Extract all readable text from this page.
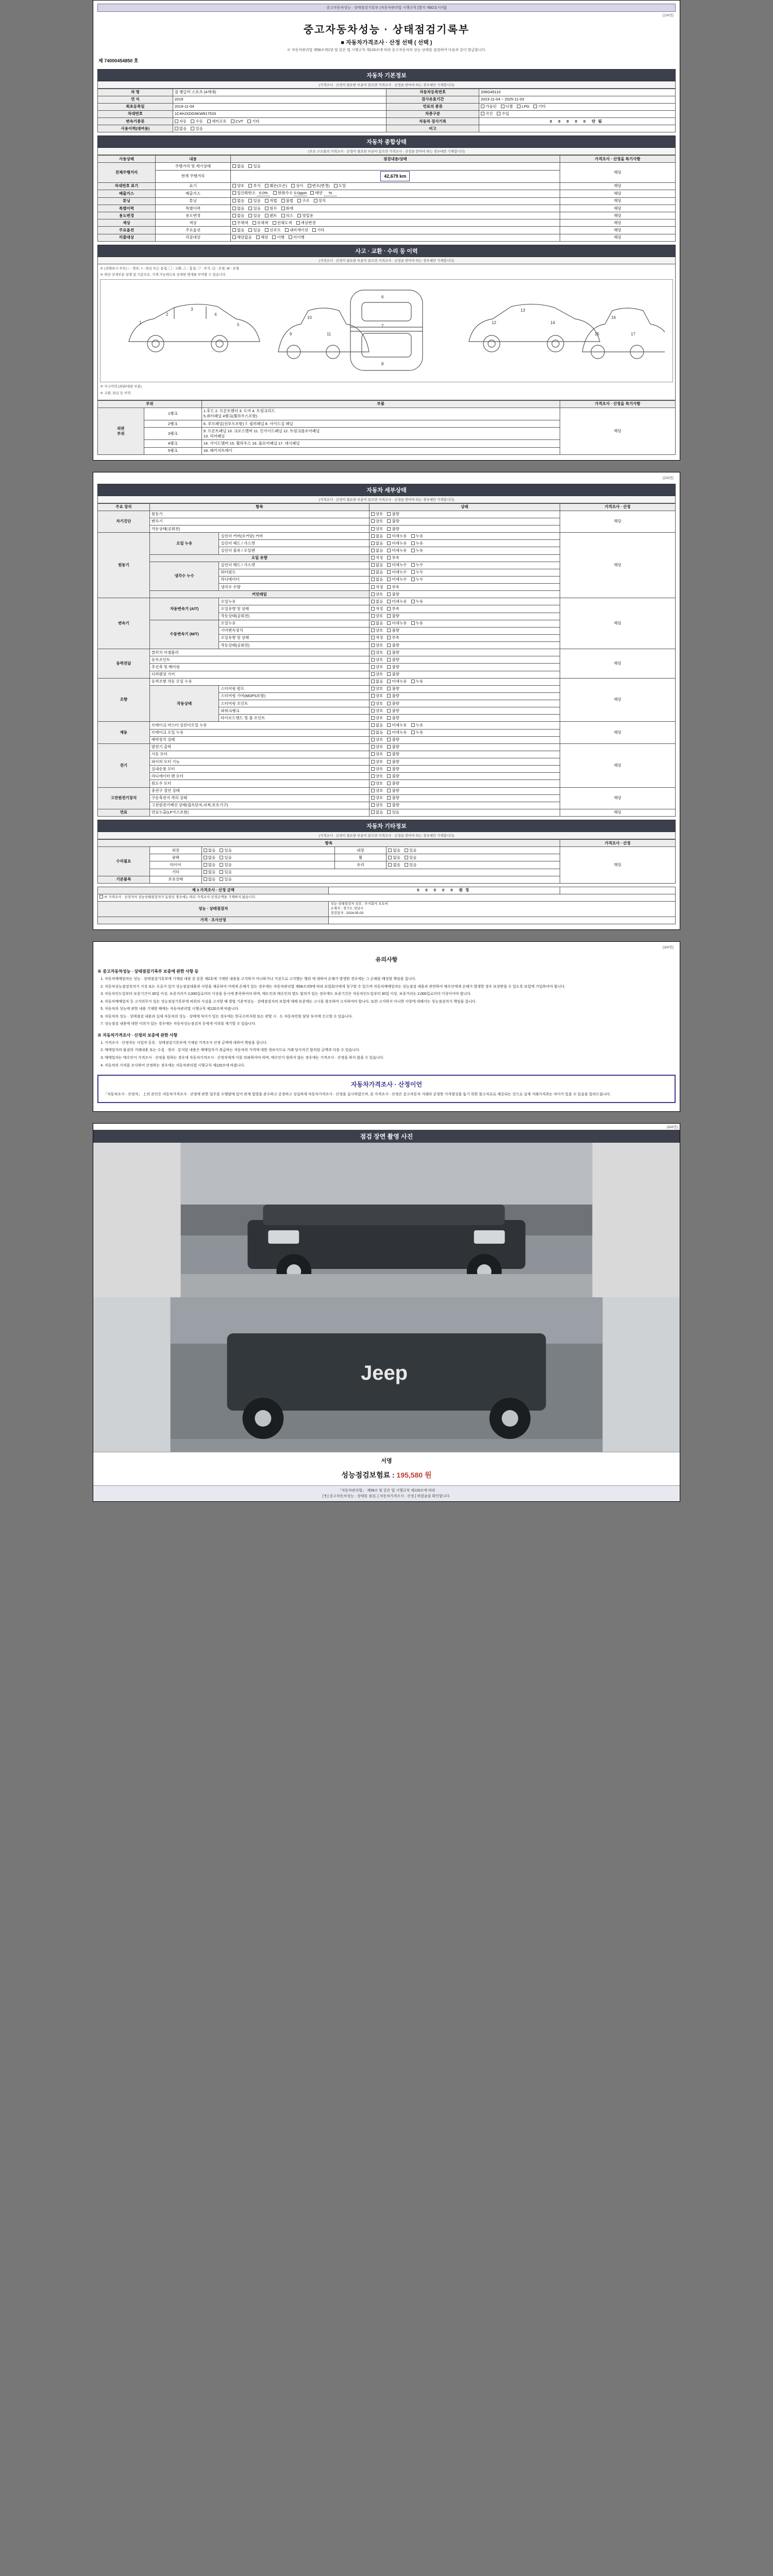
중고자동차성능 · 상태점검기록부 (자동차관리법 시행규칙 [별지 제82호서식])
(1/4면)
중고자동차성능 · 상태점검기록부
■ 자동차가격조사 · 산정 선택 ( 선택 )
※ 자동차관리법 제58조제1항 및 같은 법 시행규칙 제120조에 따라 중고자동차의 성능·상태를 점검하여 다음과 같이 발급합니다.
제 74000454850 호
자동차 기본정보
(가격조사 · 산정이 필요한 부분이 있으면 가격조사 · 산정을 받아야 하는 경우에만 기재합니다)
차 명	짚 랭글러 스포츠 (4세대)	자동차등록번호	206G45110
연 식	2019	검사유효기간	2023-11-04 ~ 2025-11-03
최초등록일	2019-11-04	연료의 종류	가솔린 디젤 LPG 기타
차대번호	1C4HJXDG9KW817533	차종구분	국산 수입
변속기종류	자동 수동 세미오토 CVT 기타	자동차 검사기록	0 0 0 0 0 안됨
사용이력(대여용)	없음 있음	비고	
자동차 종합상태
(주요 구조물의 가격조사 · 산정이 필요한 부분이 있으면 가격조사 · 산정을 받아야 하는 경우에만 기재합니다)
사용상태	내용	점검내용/상태	가격조사 · 산정을 특기사항
전체주행거리	주행거리 및 계기상태	없음 있음	해당
	현재 주행거리	42,679 km	
차대번호 표기	표기	양호 부식 훼손(오손) 상이 변조(변경) 도말	해당
배출가스	배출가스	일산화탄소 0.0% 탄화수소 0.0ppm 매연 %	해당
튜닝	튜닝	없음 있음 적법 불법 구조 장치	해당
특별이력	특별이력	없음 있음 침수 화재	해당
용도변경	용도변경	없음 있음 렌트 리스 영업용	해당
색상	색상	무채색 유채색 전체도색 색상변경	해당
주요옵션	주요옵션	없음 있음 선루프 내비게이션 기타	해당
리콜대상	리콜대상	해당없음 해당 이행 미이행	해당
사고 · 교환 · 수리 등 이력
(가격조사 · 산정이 필요한 부분이 있으면 가격조사 · 산정을 받아야 하는 경우에만 기재합니다)
※ (상태표시 부호) ○ : 양호, × : 판금 또는 용접, ▢ : 교환, △ : 흠집, ▽ : 부식, ◎ : 요철, W : 요철
※ 하단 상세부분 설명 및 기준으로, 기재 가능하도록 상세한 명세를 부여할 수 있습니다.
1
2
3
4
5
6
7
8
9
10
11
12
13
14
15
16
17
※ 사고이력 (외판/내판 부분)
※ 교환, 판금 등 이력
부위		부품	가격조사 · 산정을 특기사항
외판
부위	1랭크	1.후드 2. 프론트펜더 3. 도어 4. 트렁크리드
5.쿼터패널 4랭크(휠하우스포함)	해당
	2랭크	6. 루프패널(선루프포함) 7. 필러패널 8. 사이드실 패널	
	3랭크	9. 프론트패널 10. 크로스멤버 11. 인사이드패널 12. 트렁크플로어패널
13. 리어패널	
	4랭크	14. 사이드멤버 15. 휠하우스 16. 플로어패널 17. 대시패널	
	5랭크	18. 패키지트레이	
(2/4면)
자동차 세부상태
(가격조사 · 산정이 필요한 부분이 있으면 가격조사 · 산정을 받아야 하는 경우에만 기재합니다)
주요 장치	항목		상태	가격조사 · 산정
자기진단	원동기		양호 불량	해당
	변속기		양호 불량	
	작동상태(공회전)		양호 불량	
원동기	오일 누유	실린더 커버(로커암) 커버	없음 미세누유 누유	해당
		실린더 헤드 / 가스켓	없음 미세누유 누유	
		실린더 블록 / 오일팬	없음 미세누유 누유	
	오일 유량		적정 부족	
	냉각수 누수	실린더 헤드 / 가스켓	없음 미세누수 누수	
		워터펌프	없음 미세누수 누수	
		라디에이터	없음 미세누수 누수	
		냉각수 수량	적정 부족	
	커먼레일		양호 불량	
변속기	자동변속기 (A/T)	오일누유	없음 미세누유 누유	해당
		오일유량 및 상태	적정 부족	
		작동상태(공회전)	양호 불량	
	수동변속기 (M/T)	오일누유	없음 미세누유 누유	
		기어변속장치	양호 불량	
		오일유량 및 상태	적정 부족	
		작동상태(공회전)	양호 불량	
동력전달	클러치 어셈블리		양호 불량	해당
	등속조인트		양호 불량	
	추진축 및 베어링		양호 불량	
	디퍼렌셜 기어		양호 불량	
조향	동력조향 작동 오일 누유		없음 미세누유 누유	해당
	작동상태	스티어링 펌프	양호 불량	
		스티어링 기어(MDPS포함)	양호 불량	
		스티어링 조인트	양호 불량	
		파워크랭크	양호 불량	
		타이로드엔드 및 볼 조인트	양호 불량	
제동	브레이크 마스터 실린더오일 누유		없음 미세누유 누유	해당
	브레이크 오일 누유		없음 미세누유 누유	
	배력장치 상태		양호 불량	
전기	발전기 출력		양호 불량	해당
	시동 모터		양호 불량	
	와이퍼 모터 기능		양호 불량	
	실내송풍 모터		양호 불량	
	라디에이터 팬 모터		양호 불량	
	윈도우 모터		양호 불량	
고전원전기장치	충전구 절연 상태		양호 불량	해당
	구동축전지 격리 상태		양호 불량	
	고전원전기배선 상태(접속단자,피복,보호기구)		양호 불량	
연료	연료누출(LP가스포함)		없음 있음	해당
자동차 기타정보
(가격조사 · 산정이 필요한 부분이 있으면 가격조사 · 산정을 받아야 하는 경우에만 기재합니다)
항목					가격조사 · 산정
수리필요	외장	없음 있음	내장	없음 있음	해당
	광택	없음 있음	휠	없음 있음	
	타이어	없음 있음	유리	없음 있음	
	기타	없음 있음			
기본품목	보유상태	없음 있음			
제 3 가격조사 · 산정 금액	0 0 0 0 0 원정	
※ 가격조사 · 산정자의 성능상태점검자가 동일인 경우에는 따로 가격조사·산정금액을 기재하지 않습니다.		
성능 · 상태점검자	성능·상태점검자 상호 : 주식회사 오토비
소재지 : 경기도 성남시
점검일자 : 2024-05-03	

가격 · 조사산정		
(3/4면)
유의사항
※ 중고자동차성능 · 상태점검기록부 보증에 관한 사항 등
1. 자동차매매업자는 성능 · 상태점검기록부에 기재된 내용 중 본문 제2호에 기재한 내용을 고지하지 아니하거나 거짓으로 고지했는 행위 에 대하여 손해가 발생한 경우에는 그 손해를 배상할 책임을 집니다.
2. 자동차성능점검장치가 거짓 또는 오류가 있어 성능점검내용과 사항을 제공하여 이에게 손해가 있는 경우에는 자동차관리법 제58조의5에 따라 보험회사에게 청구할 수 있으며 자동차매매업자는 성능점검 내용과 관련하여 매수인에게 손해가 발생한 경우 보상받을 수 있도록 보험에 가입하여야 합니다.
3. 자동차인도일부터 보증기간이 30일 이상, 보증거리가 2,000킬로미터 이상을 동시에 충족하여야 하며, 매도인과 매수인의 별도 합의가 있는 경우에도 보증기간은 자동차인도일부터 30일 이상, 보증거리는 2,000킬로미터 이상이어야 합니다.
4. 자동차매매업자 등 고지의무가 있는 성능점검기록부에 허위의 사실을 고지할 때 형법 기준적성능 · 상태점검자의 보험에 대해 보증에는 고시를 참조하여 고지하여야 합니다. 또한 고지하지 아니한 사항에 대해서는 성능점검자가 책임을 집니다.
5. 자동차의 성능에 관한 내용 기재할 때에는 자동차관리법 시행규칙 제120조에 따릅니다.
6. 자동차의 성능 · 상태점검 내용과 실제 자동차의 성능 · 상태에 차이가 있는 경우에는 한국소비자원 또는 관할 시 · 도 자동차민원 담당 부서에 신고할 수 있습니다.
7. 성능점검 내용에 대한 이의가 있는 경우에는 자동차성능점검자 등에게 이의를 제기할 수 있습니다.
※ 자동차가격조사 · 산정의 보증에 관한 사항
1. 가격조사 · 산정자는 사업자 등록 · 상태점검기록부에 기재된 가격조사 산정 금액에 대하여 책임을 집니다.
2. 매매업자의 물권의 거래내용 또는 수집 · 정리 · 분석된 내용은 매매업자가 취급하는 자동차의 가격에 대한 정보이므로 거래 당사자간 합의된 금액과 다를 수 있습니다.
3. 매매업자는 매수인이 가격조사 · 산정을 원하는 경우에 자동차가격조사 · 산정자에게 이를 의뢰하여야 하며, 매수인이 원하지 않는 경우에는 가격조사 · 산정을 하지 않을 수 있습니다.
4. 자동차의 가격을 조사하여 산정하는 경우에는 자동차관리법 시행규칙 제120조에 따릅니다.
자동차가격조사 · 산정이언

「자동차조사 · 산정자」 上의 본인은 자동차가격조사 · 산정에 관한 업무를 수행함에 있어 관계 법령을 준수하고 공정하고 성실하게 자동차가격조사 · 산정을 실시하였으며, 본 가격조사 · 산정은 중고자동차 거래의 공정한 가격형성을 돕기 위한 참고자료로 제공되는 것으로 실제 거래가격과는 차이가 있을 수 있음을 알려드립니다.

(4/4면)
점검 장면 촬영 사진
Jeep
서명
성능점검보험료 : 195,580 원
「자동차관리법」 제58조 및 같은 법 시행규칙 제120조에 따라
[ ¶ ] 중고자동차성능 · 상태를 점검, [ 자동차가격조사 · 산정 ] 하였음을 확인합니다.
